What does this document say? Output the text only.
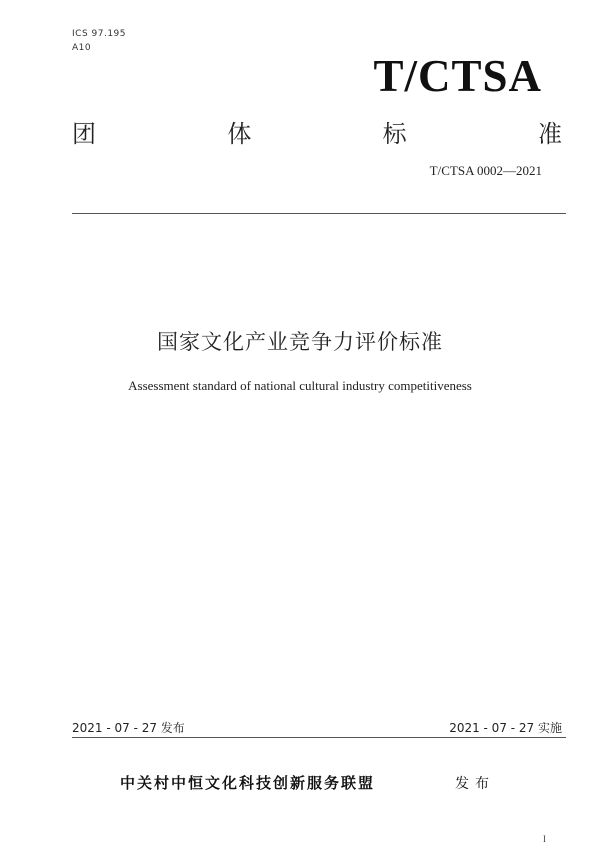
ICS 97.195
A10
T/CTSA
团	体	标	准
T/CTSA 0002—2021
国家文化产业竞争力评价标准
Assessment standard of national cultural industry competitiveness
2021 - 07 - 27 发布	2021 - 07 - 27 实施
中关村中恒文化科技创新服务联盟	发布
I
